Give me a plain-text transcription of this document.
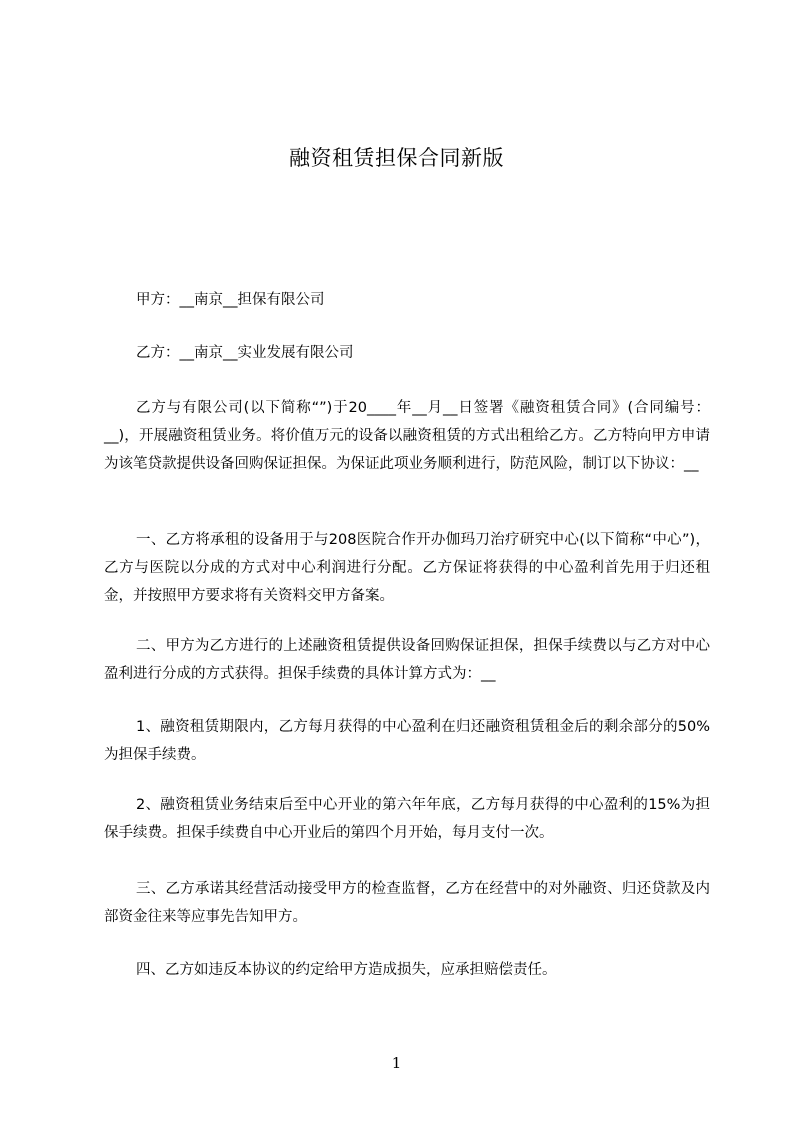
融资租赁担保合同新版
甲方：__南京__担保有限公司
乙方：__南京__实业发展有限公司
乙方与有限公司(以下简称“”)于20____年__月__日签署《融资租赁合同》(合同编号：__)，开展融资租赁业务。将价值万元的设备以融资租赁的方式出租给乙方。乙方特向甲方申请为该笔贷款提供设备回购保证担保。为保证此项业务顺利进行，防范风险，制订以下协议：__
一、乙方将承租的设备用于与208医院合作开办伽玛刀治疗研究中心(以下简称“中心”)，乙方与医院以分成的方式对中心利润进行分配。乙方保证将获得的中心盈利首先用于归还租金，并按照甲方要求将有关资料交甲方备案。
二、甲方为乙方进行的上述融资租赁提供设备回购保证担保，担保手续费以与乙方对中心盈利进行分成的方式获得。担保手续费的具体计算方式为：__
1、融资租赁期限内，乙方每月获得的中心盈利在归还融资租赁租金后的剩余部分的50%为担保手续费。
2、融资租赁业务结束后至中心开业的第六年年底，乙方每月获得的中心盈利的15%为担保手续费。担保手续费自中心开业后的第四个月开始，每月支付一次。
三、乙方承诺其经营活动接受甲方的检查监督，乙方在经营中的对外融资、归还贷款及内部资金往来等应事先告知甲方。
四、乙方如违反本协议的约定给甲方造成损失，应承担赔偿责任。
1
